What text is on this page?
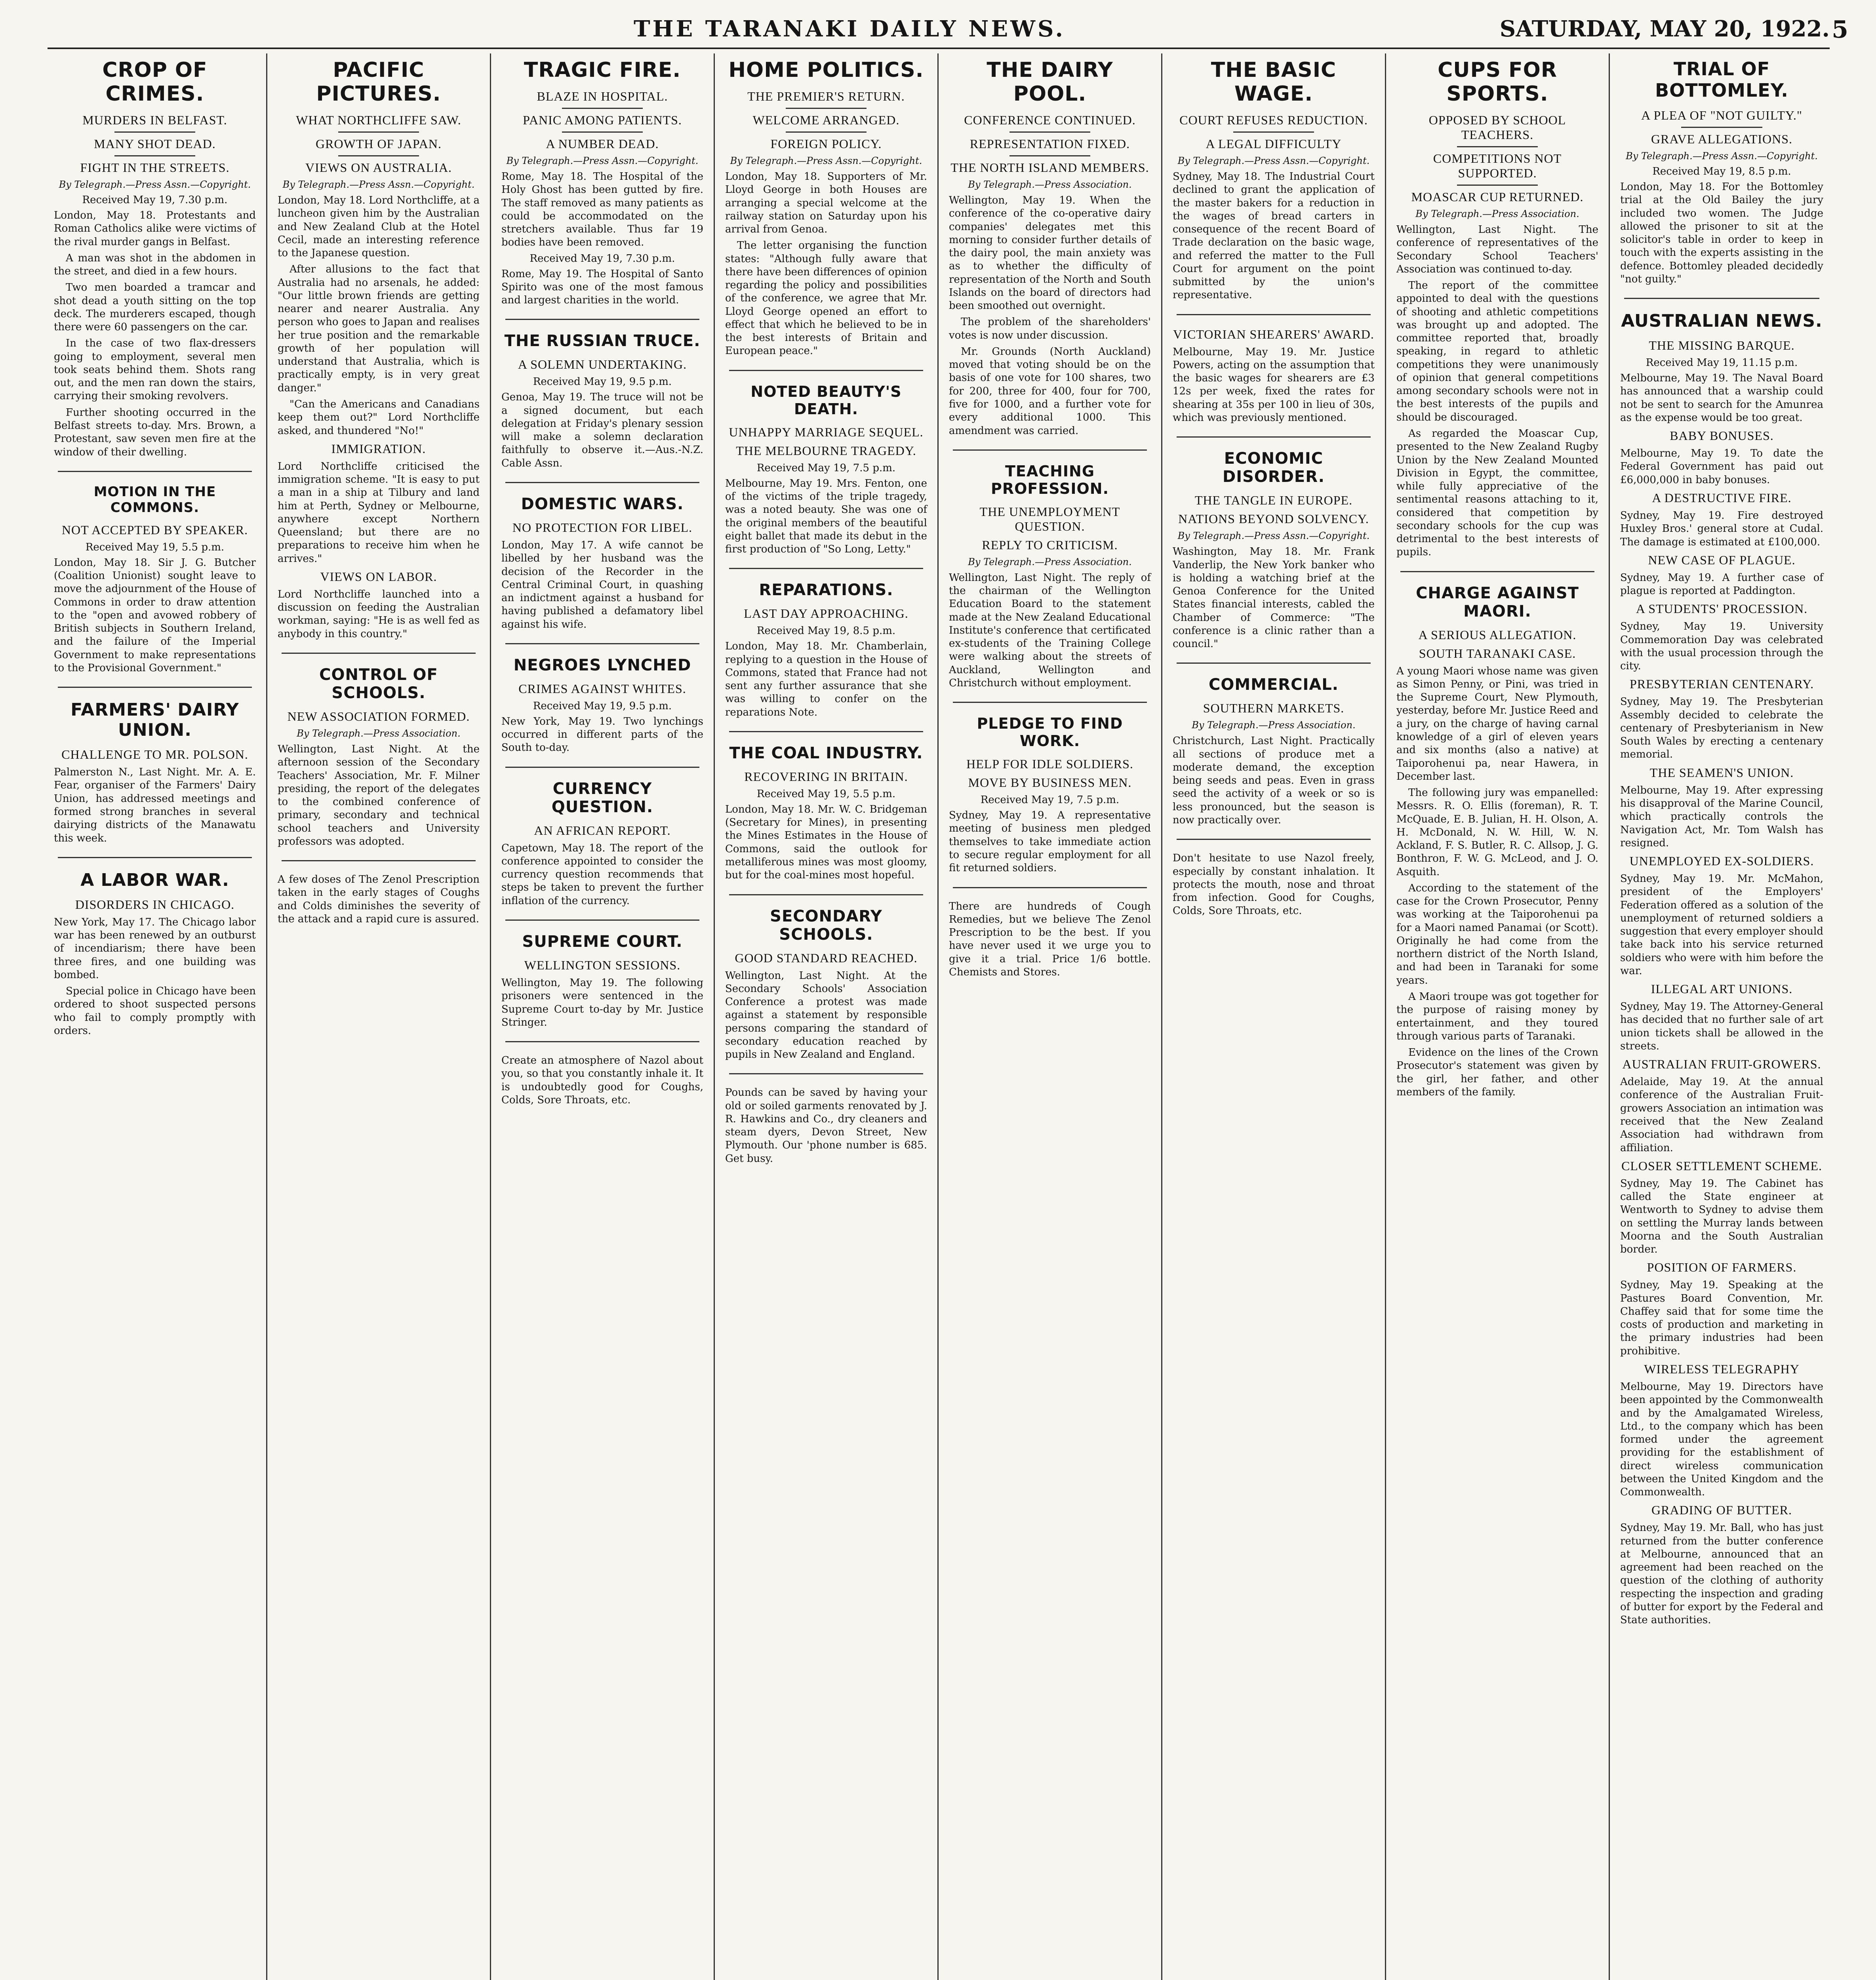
THE TARANAKI DAILY NEWS.	SATURDAY, MAY 20, 1922. 5
CROP OF CRIMES.
MURDERS IN BELFAST.
MANY SHOT DEAD.
FIGHT IN THE STREETS.
By Telegraph.—Press Assn.—Copyright.
Received May 19, 7.30 p.m.

London, May 18. Protestants and Roman Catholics alike were victims of the rival murder gangs in Belfast.

A man was shot in the abdomen in the street, and died in a few hours.

Two men boarded a tramcar and shot dead a youth sitting on the top deck. The murderers escaped, though there were 60 passengers on the car.

In the case of two flax-dressers going to employment, several men took seats behind them. Shots rang out, and the men ran down the stairs, carrying their smoking revolvers.

Further shooting occurred in the Belfast streets to-day. Mrs. Brown, a Protestant, saw seven men fire at the window of their dwelling.

MOTION IN THE COMMONS.
NOT ACCEPTED BY SPEAKER.
Received May 19, 5.5 p.m.

London, May 18. Sir J. G. Butcher (Coalition Unionist) sought leave to move the adjournment of the House of Commons in order to draw attention to the "open and avowed robbery of British subjects in Southern Ireland, and the failure of the Imperial Government to make representations to the Provisional Government."

FARMERS' DAIRY UNION.
CHALLENGE TO MR. POLSON.

Palmerston N., Last Night. Mr. A. E. Fear, organiser of the Farmers' Dairy Union, has addressed meetings and formed strong branches in several dairying districts of the Manawatu this week.

A LABOR WAR.
DISORDERS IN CHICAGO.

New York, May 17. The Chicago labor war has been renewed by an outburst of incendiarism; there have been three fires, and one building was bombed.

Special police in Chicago have been ordered to shoot suspected persons who fail to comply promptly with orders.

PACIFIC PICTURES.
WHAT NORTHCLIFFE SAW.
GROWTH OF JAPAN.
VIEWS ON AUSTRALIA.
By Telegraph.—Press Assn.—Copyright.

London, May 18. Lord Northcliffe, at a luncheon given him by the Australian and New Zealand Club at the Hotel Cecil, made an interesting reference to the Japanese question.

After allusions to the fact that Australia had no arsenals, he added: "Our little brown friends are getting nearer and nearer Australia. Any person who goes to Japan and realises her true position and the remarkable growth of her population will understand that Australia, which is practically empty, is in very great danger."

"Can the Americans and Canadians keep them out?" Lord Northcliffe asked, and thundered "No!"

IMMIGRATION.

Lord Northcliffe criticised the immigration scheme. "It is easy to put a man in a ship at Tilbury and land him at Perth, Sydney or Melbourne, anywhere except Northern Queensland; but there are no preparations to receive him when he arrives."

VIEWS ON LABOR.

Lord Northcliffe launched into a discussion on feeding the Australian workman, saying: "He is as well fed as anybody in this country."

CONTROL OF SCHOOLS.
NEW ASSOCIATION FORMED.
By Telegraph.—Press Association.

Wellington, Last Night. At the afternoon session of the Secondary Teachers' Association, Mr. F. Milner presiding, the report of the delegates to the combined conference of primary, secondary and technical school teachers and University professors was adopted.

A few doses of The Zenol Prescription taken in the early stages of Coughs and Colds diminishes the severity of the attack and a rapid cure is assured.

TRAGIC FIRE.
BLAZE IN HOSPITAL.
PANIC AMONG PATIENTS.
A NUMBER DEAD.
By Telegraph.—Press Assn.—Copyright.

Rome, May 18. The Hospital of the Holy Ghost has been gutted by fire. The staff removed as many patients as could be accommodated on the stretchers available. Thus far 19 bodies have been removed.

Received May 19, 7.30 p.m.

Rome, May 19. The Hospital of Santo Spirito was one of the most famous and largest charities in the world.

THE RUSSIAN TRUCE.
A SOLEMN UNDERTAKING.
Received May 19, 9.5 p.m.

Genoa, May 19. The truce will not be a signed document, but each delegation at Friday's plenary session will make a solemn declaration faithfully to observe it.—Aus.-N.Z. Cable Assn.

DOMESTIC WARS.
NO PROTECTION FOR LIBEL.

London, May 17. A wife cannot be libelled by her husband was the decision of the Recorder in the Central Criminal Court, in quashing an indictment against a husband for having published a defamatory libel against his wife.

NEGROES LYNCHED
CRIMES AGAINST WHITES.
Received May 19, 9.5 p.m.

New York, May 19. Two lynchings occurred in different parts of the South to-day.

CURRENCY QUESTION.
AN AFRICAN REPORT.

Capetown, May 18. The report of the conference appointed to consider the currency question recommends that steps be taken to prevent the further inflation of the currency.

SUPREME COURT.
WELLINGTON SESSIONS.

Wellington, May 19. The following prisoners were sentenced in the Supreme Court to-day by Mr. Justice Stringer.

Create an atmosphere of Nazol about you, so that you constantly inhale it. It is undoubtedly good for Coughs, Colds, Sore Throats, etc.

HOME POLITICS.
THE PREMIER'S RETURN.
WELCOME ARRANGED.
FOREIGN POLICY.
By Telegraph.—Press Assn.—Copyright.

London, May 18. Supporters of Mr. Lloyd George in both Houses are arranging a special welcome at the railway station on Saturday upon his arrival from Genoa.

The letter organising the function states: "Although fully aware that there have been differences of opinion regarding the policy and possibilities of the conference, we agree that Mr. Lloyd George opened an effort to effect that which he believed to be in the best interests of Britain and European peace."

NOTED BEAUTY'S DEATH.
UNHAPPY MARRIAGE SEQUEL.
THE MELBOURNE TRAGEDY.
Received May 19, 7.5 p.m.

Melbourne, May 19. Mrs. Fenton, one of the victims of the triple tragedy, was a noted beauty. She was one of the original members of the beautiful eight ballet that made its debut in the first production of "So Long, Letty."

REPARATIONS.
LAST DAY APPROACHING.
Received May 19, 8.5 p.m.

London, May 18. Mr. Chamberlain, replying to a question in the House of Commons, stated that France had not sent any further assurance that she was willing to confer on the reparations Note.

THE COAL INDUSTRY.
RECOVERING IN BRITAIN.
Received May 19, 5.5 p.m.

London, May 18. Mr. W. C. Bridgeman (Secretary for Mines), in presenting the Mines Estimates in the House of Commons, said the outlook for metalliferous mines was most gloomy, but for the coal-mines most hopeful.

SECONDARY SCHOOLS.
GOOD STANDARD REACHED.

Wellington, Last Night. At the Secondary Schools' Association Conference a protest was made against a statement by responsible persons comparing the standard of secondary education reached by pupils in New Zealand and England.

Pounds can be saved by having your old or soiled garments renovated by J. R. Hawkins and Co., dry cleaners and steam dyers, Devon Street, New Plymouth. Our 'phone number is 685. Get busy.

THE DAIRY POOL.
CONFERENCE CONTINUED.
REPRESENTATION FIXED.
THE NORTH ISLAND MEMBERS.
By Telegraph.—Press Association.

Wellington, May 19. When the conference of the co-operative dairy companies' delegates met this morning to consider further details of the dairy pool, the main anxiety was as to whether the difficulty of representation of the North and South Islands on the board of directors had been smoothed out overnight.

The problem of the shareholders' votes is now under discussion.

Mr. Grounds (North Auckland) moved that voting should be on the basis of one vote for 100 shares, two for 200, three for 400, four for 700, five for 1000, and a further vote for every additional 1000. This amendment was carried.

TEACHING PROFESSION.
THE UNEMPLOYMENT QUESTION.
REPLY TO CRITICISM.
By Telegraph.—Press Association.

Wellington, Last Night. The reply of the chairman of the Wellington Education Board to the statement made at the New Zealand Educational Institute's conference that certificated ex-students of the Training College were walking about the streets of Auckland, Wellington and Christchurch without employment.

PLEDGE TO FIND WORK.
HELP FOR IDLE SOLDIERS.
MOVE BY BUSINESS MEN.
Received May 19, 7.5 p.m.

Sydney, May 19. A representative meeting of business men pledged themselves to take immediate action to secure regular employment for all fit returned soldiers.

There are hundreds of Cough Remedies, but we believe The Zenol Prescription to be the best. If you have never used it we urge you to give it a trial. Price 1/6 bottle. Chemists and Stores.

THE BASIC WAGE.
COURT REFUSES REDUCTION.
A LEGAL DIFFICULTY
By Telegraph.—Press Assn.—Copyright.

Sydney, May 18. The Industrial Court declined to grant the application of the master bakers for a reduction in the wages of bread carters in consequence of the recent Board of Trade declaration on the basic wage, and referred the matter to the Full Court for argument on the point submitted by the union's representative.

VICTORIAN SHEARERS' AWARD.

Melbourne, May 19. Mr. Justice Powers, acting on the assumption that the basic wages for shearers are £3 12s per week, fixed the rates for shearing at 35s per 100 in lieu of 30s, which was previously mentioned.

ECONOMIC DISORDER.
THE TANGLE IN EUROPE.
NATIONS BEYOND SOLVENCY.
By Telegraph.—Press Assn.—Copyright.

Washington, May 18. Mr. Frank Vanderlip, the New York banker who is holding a watching brief at the Genoa Conference for the United States financial interests, cabled the Chamber of Commerce: "The conference is a clinic rather than a council."

COMMERCIAL.
SOUTHERN MARKETS.
By Telegraph.—Press Association.

Christchurch, Last Night. Practically all sections of produce met a moderate demand, the exception being seeds and peas. Even in grass seed the activity of a week or so is less pronounced, but the season is now practically over.

Don't hesitate to use Nazol freely, especially by constant inhalation. It protects the mouth, nose and throat from infection. Good for Coughs, Colds, Sore Throats, etc.

CUPS FOR SPORTS.
OPPOSED BY SCHOOL TEACHERS.
COMPETITIONS NOT SUPPORTED.
MOASCAR CUP RETURNED.
By Telegraph.—Press Association.

Wellington, Last Night. The conference of representatives of the Secondary School Teachers' Association was continued to-day.

The report of the committee appointed to deal with the questions of shooting and athletic competitions was brought up and adopted. The committee reported that, broadly speaking, in regard to athletic competitions they were unanimously of opinion that general competitions among secondary schools were not in the best interests of the pupils and should be discouraged.

As regarded the Moascar Cup, presented to the New Zealand Rugby Union by the New Zealand Mounted Division in Egypt, the committee, while fully appreciative of the sentimental reasons attaching to it, considered that competition by secondary schools for the cup was detrimental to the best interests of pupils.

CHARGE AGAINST MAORI.
A SERIOUS ALLEGATION.
SOUTH TARANAKI CASE.

A young Maori whose name was given as Simon Penny, or Pini, was tried in the Supreme Court, New Plymouth, yesterday, before Mr. Justice Reed and a jury, on the charge of having carnal knowledge of a girl of eleven years and six months (also a native) at Taiporohenui pa, near Hawera, in December last.

The following jury was empanelled: Messrs. R. O. Ellis (foreman), R. T. McQuade, E. B. Julian, H. H. Olson, A. H. McDonald, N. W. Hill, W. N. Ackland, F. S. Butler, R. C. Allsop, J. G. Bonthron, F. W. G. McLeod, and J. O. Asquith.

According to the statement of the case for the Crown Prosecutor, Penny was working at the Taiporohenui pa for a Maori named Panamai (or Scott). Originally he had come from the northern district of the North Island, and had been in Taranaki for some years.

A Maori troupe was got together for the purpose of raising money by entertainment, and they toured through various parts of Taranaki.

Evidence on the lines of the Crown Prosecutor's statement was given by the girl, her father, and other members of the family.

TRIAL OF BOTTOMLEY.
A PLEA OF "NOT GUILTY."
GRAVE ALLEGATIONS.
By Telegraph.—Press Assn.—Copyright.
Received May 19, 8.5 p.m.

London, May 18. For the Bottomley trial at the Old Bailey the jury included two women. The Judge allowed the prisoner to sit at the solicitor's table in order to keep in touch with the experts assisting in the defence. Bottomley pleaded decidedly "not guilty."

AUSTRALIAN NEWS.
THE MISSING BARQUE.
Received May 19, 11.15 p.m.

Melbourne, May 19. The Naval Board has announced that a warship could not be sent to search for the Amunrea as the expense would be too great.

BABY BONUSES.

Melbourne, May 19. To date the Federal Government has paid out £6,000,000 in baby bonuses.

A DESTRUCTIVE FIRE.

Sydney, May 19. Fire destroyed Huxley Bros.' general store at Cudal. The damage is estimated at £100,000.

NEW CASE OF PLAGUE.

Sydney, May 19. A further case of plague is reported at Paddington.

A STUDENTS' PROCESSION.

Sydney, May 19. University Commemoration Day was celebrated with the usual procession through the city.

PRESBYTERIAN CENTENARY.

Sydney, May 19. The Presbyterian Assembly decided to celebrate the centenary of Presbyterianism in New South Wales by erecting a centenary memorial.

THE SEAMEN'S UNION.

Melbourne, May 19. After expressing his disapproval of the Marine Council, which practically controls the Navigation Act, Mr. Tom Walsh has resigned.

UNEMPLOYED EX-SOLDIERS.

Sydney, May 19. Mr. McMahon, president of the Employers' Federation offered as a solution of the unemployment of returned soldiers a suggestion that every employer should take back into his service returned soldiers who were with him before the war.

ILLEGAL ART UNIONS.

Sydney, May 19. The Attorney-General has decided that no further sale of art union tickets shall be allowed in the streets.

AUSTRALIAN FRUIT-GROWERS.

Adelaide, May 19. At the annual conference of the Australian Fruit-growers Association an intimation was received that the New Zealand Association had withdrawn from affiliation.

CLOSER SETTLEMENT SCHEME.

Sydney, May 19. The Cabinet has called the State engineer at Wentworth to Sydney to advise them on settling the Murray lands between Moorna and the South Australian border.

POSITION OF FARMERS.

Sydney, May 19. Speaking at the Pastures Board Convention, Mr. Chaffey said that for some time the costs of production and marketing in the primary industries had been prohibitive.

WIRELESS TELEGRAPHY

Melbourne, May 19. Directors have been appointed by the Commonwealth and by the Amalgamated Wireless, Ltd., to the company which has been formed under the agreement providing for the establishment of direct wireless communication between the United Kingdom and the Commonwealth.

GRADING OF BUTTER.

Sydney, May 19. Mr. Ball, who has just returned from the butter conference at Melbourne, announced that an agreement had been reached on the question of the clothing of authority respecting the inspection and grading of butter for export by the Federal and State authorities.
